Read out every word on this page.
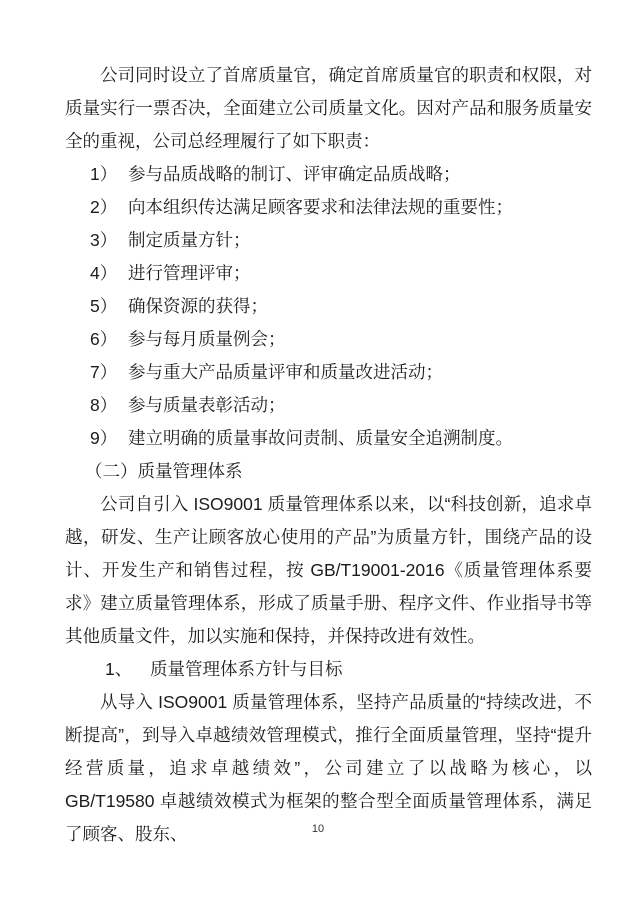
公司同时设立了首席质量官，确定首席质量官的职责和权限，对质量实行一票否决，全面建立公司质量文化。因对产品和服务质量安全的重视，公司总经理履行了如下职责：

1） 参与品质战略的制订、评审确定品质战略；
2） 向本组织传达满足顾客要求和法律法规的重要性；
3） 制定质量方针；
4） 进行管理评审；
5） 确保资源的获得；
6） 参与每月质量例会；
7） 参与重大产品质量评审和质量改进活动；
8） 参与质量表彰活动；
9） 建立明确的质量事故问责制、质量安全追溯制度。

（二）质量管理体系

公司自引入 ISO9001 质量管理体系以来，以“科技创新，追求卓越，研发、生产让顾客放心使用的产品”为质量方针，围绕产品的设计、开发生产和销售过程，按 GB/T19001-2016《质量管理体系要求》建立质量管理体系，形成了质量手册、程序文件、作业指导书等其他质量文件，加以实施和保持，并保持改进有效性。

1、 质量管理体系方针与目标

从导入 ISO9001 质量管理体系，坚持产品质量的“持续改进，不断提高”，到导入卓越绩效管理模式，推行全面质量管理，坚持“提升经营质量，追求卓越绩效”，公司建立了以战略为核心，以 GB/T19580 卓越绩效模式为框架的整合型全面质量管理体系，满足了顾客、股东、	10
